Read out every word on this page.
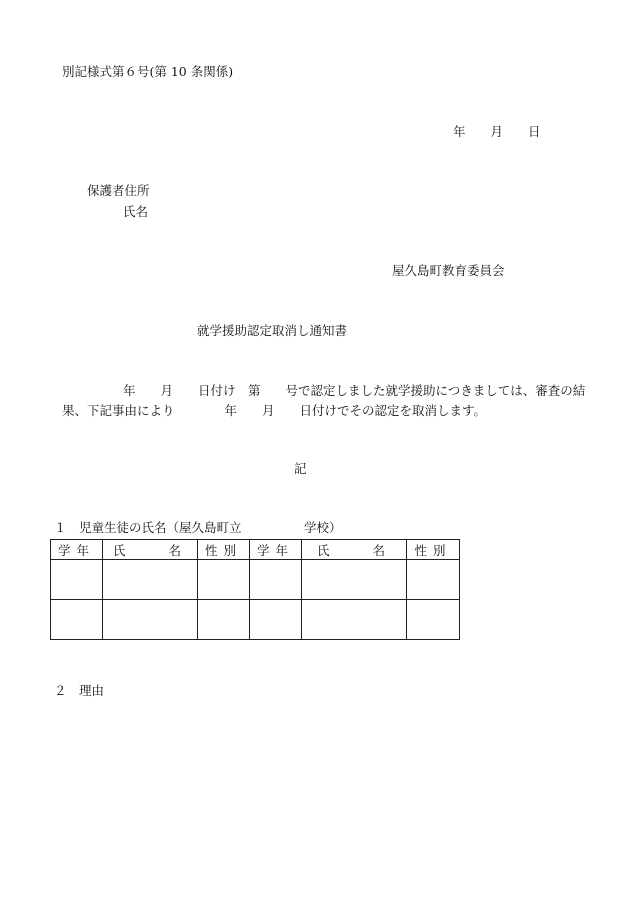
別記様式第６号(第 10 条関係)
年　　月　　日
保護者住所
氏名
屋久島町教育委員会
就学援助認定取消し通知書
年　　月　　日付け　第　　号で認定しました就学援助につきましては、審査の結
果、下記事由により　　　　年　　月　　日付けでその認定を取消します。
記
１　児童生徒の氏名（屋久島町立　　　　　学校）
学年	氏　　名	性別	学年	氏　　名	性別

２　理由
